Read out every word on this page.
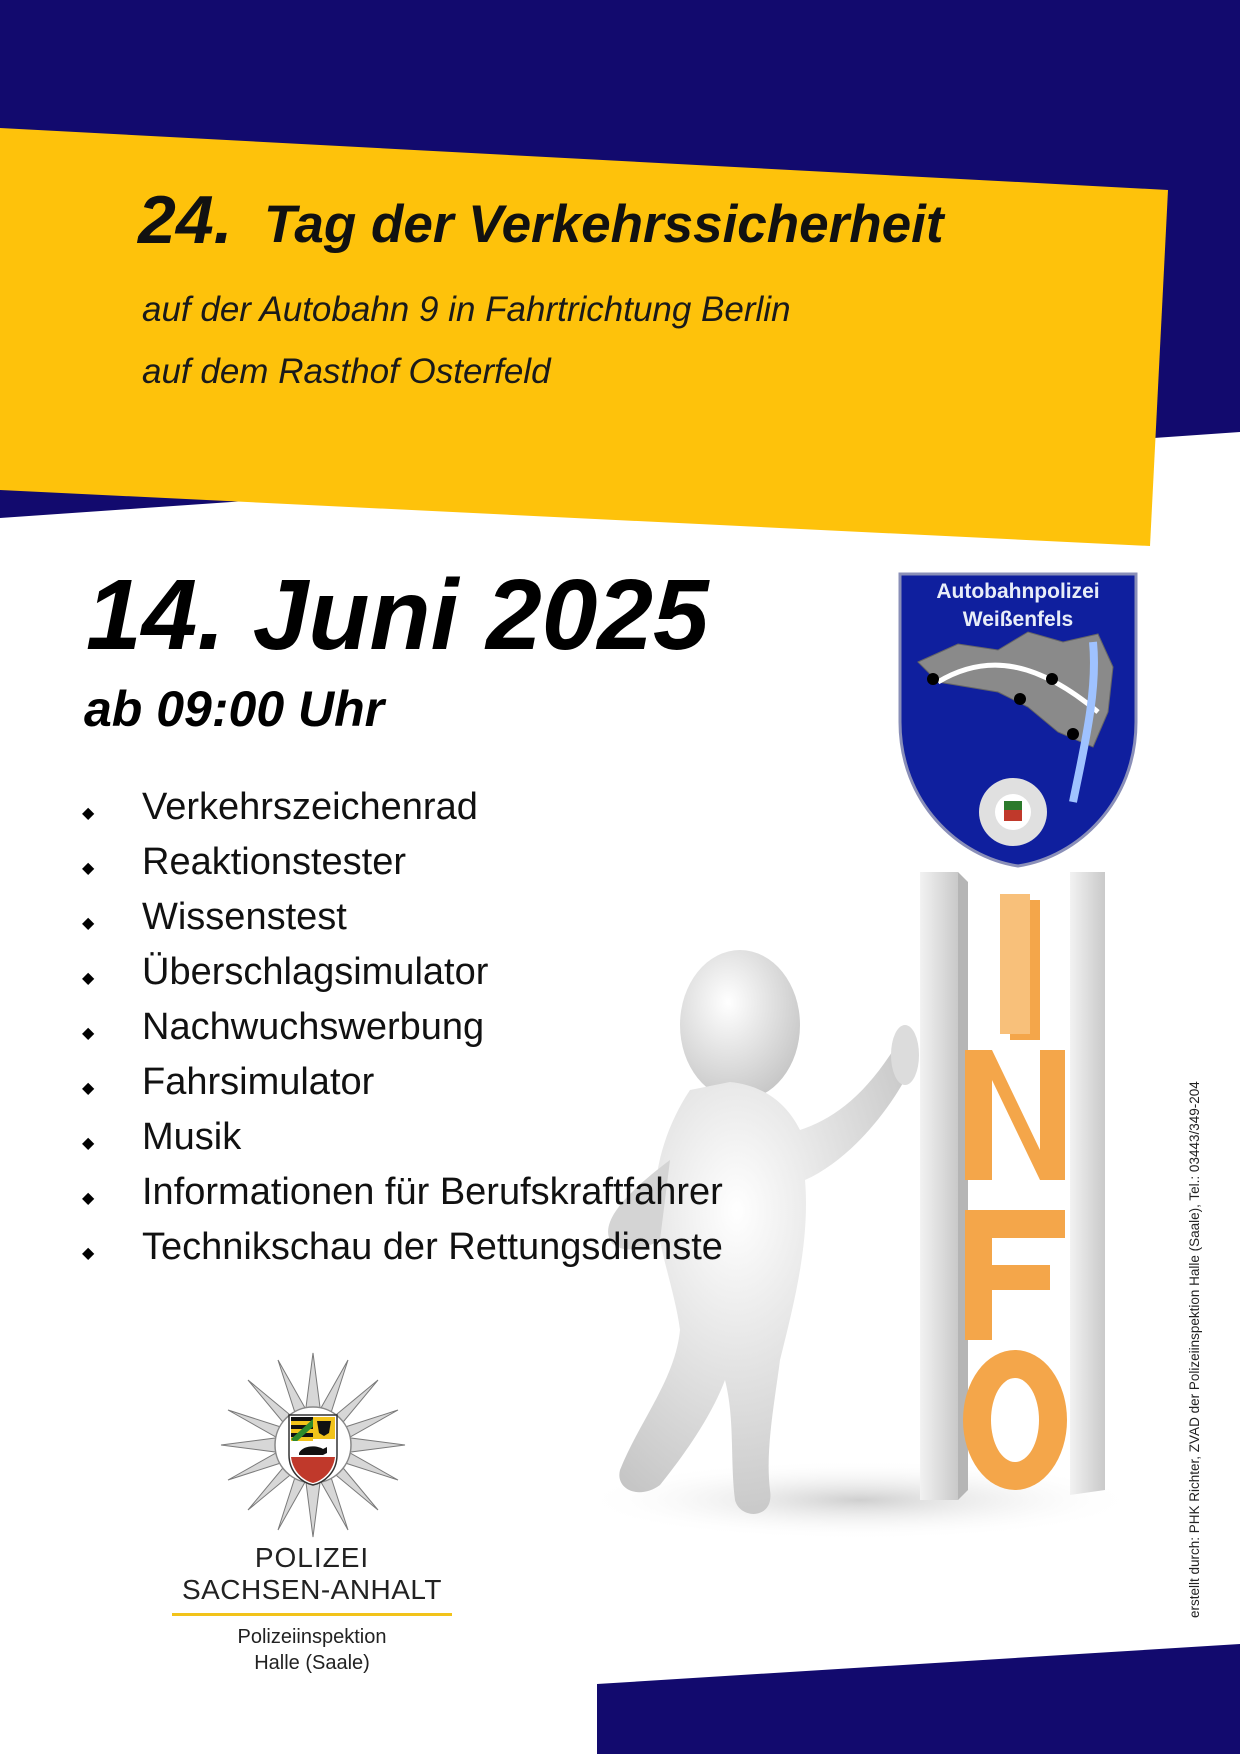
24. Tag der Verkehrssicherheit
auf der Autobahn 9 in Fahrtrichtung Berlin
auf dem Rasthof Osterfeld
14. Juni 2025
ab 09:00 Uhr
◆	Verkehrszeichenrad
◆	Reaktionstester
◆	Wissenstest
◆	Überschlagsimulator
◆	Nachwuchswerbung
◆	Fahrsimulator
◆	Musik
◆	Informationen für Berufskraftfahrer
◆	Technikschau der Rettungsdienste
Autobahnpolizei
Weißenfels
POLIZEI
SACHSEN-ANHALT
Polizeiinspektion
Halle (Saale)
erstellt durch: PHK Richter, ZVAD der Polizeiinspektion Halle (Saale), Tel.: 03443/349-204
